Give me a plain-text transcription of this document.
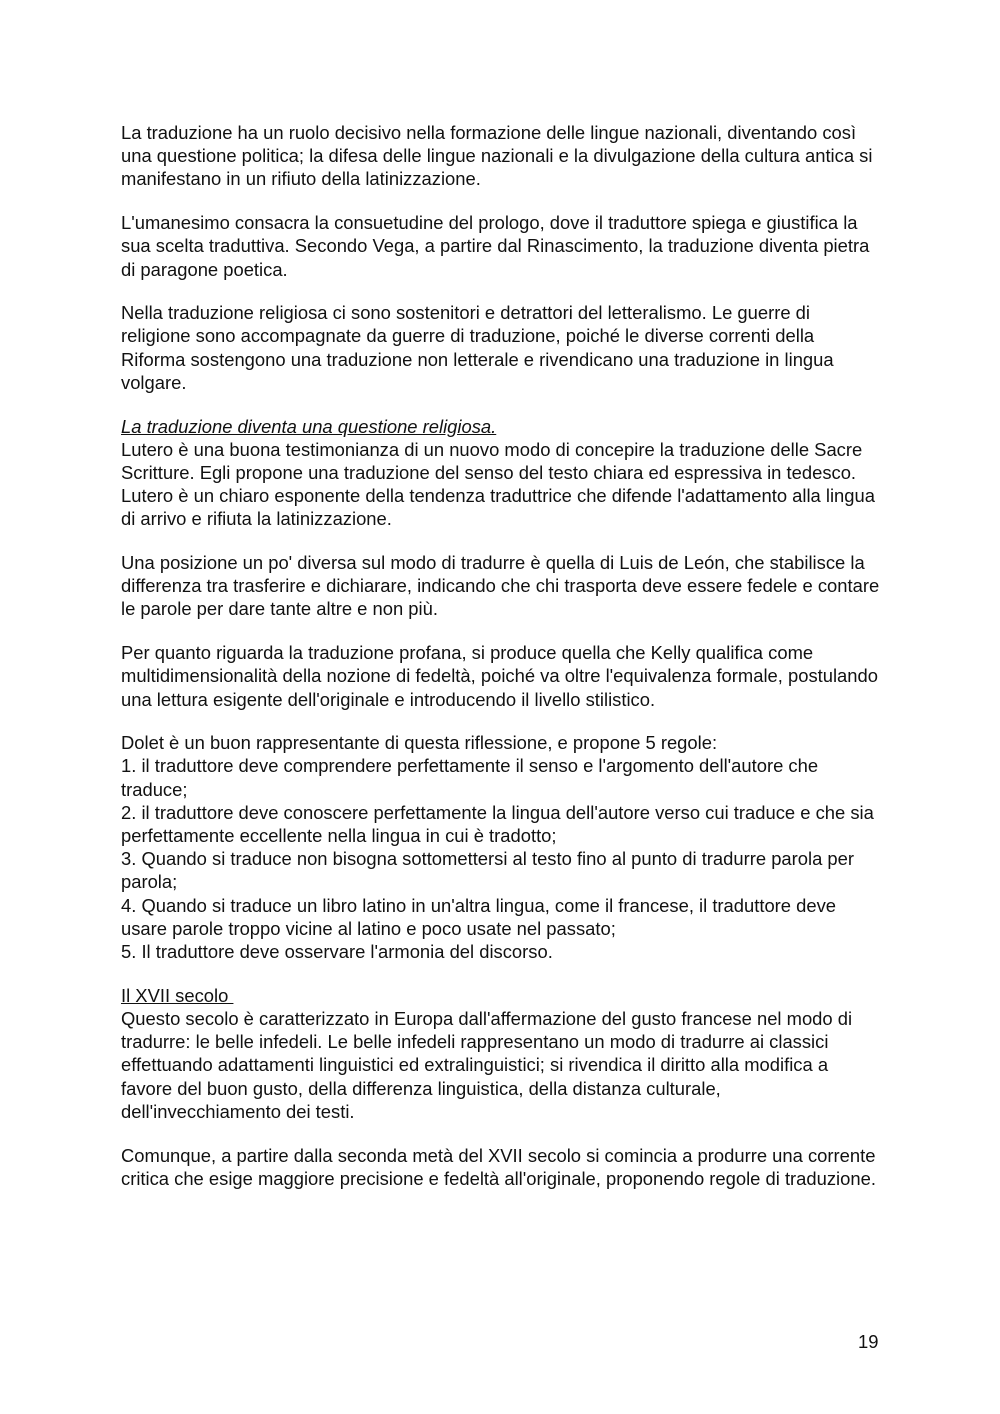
La traduzione ha un ruolo decisivo nella formazione delle lingue nazionali, diventando così una questione politica; la difesa delle lingue nazionali e la divulgazione della cultura antica si manifestano in un rifiuto della latinizzazione.

L'umanesimo consacra la consuetudine del prologo, dove il traduttore spiega e giustifica la sua scelta traduttiva. Secondo Vega, a partire dal Rinascimento, la traduzione diventa pietra di paragone poetica.

Nella traduzione religiosa ci sono sostenitori e detrattori del letteralismo. Le guerre di religione sono accompagnate da guerre di traduzione, poiché le diverse correnti della Riforma sostengono una traduzione non letterale e rivendicano una traduzione in lingua volgare.

La traduzione diventa una questione religiosa.
Lutero è una buona testimonianza di un nuovo modo di concepire la traduzione delle Sacre Scritture. Egli propone una traduzione del senso del testo chiara ed espressiva in tedesco. Lutero è un chiaro esponente della tendenza traduttrice che difende l'adattamento alla lingua di arrivo e rifiuta la latinizzazione.

Una posizione un po' diversa sul modo di tradurre è quella di Luis de León, che stabilisce la differenza tra trasferire e dichiarare, indicando che chi trasporta deve essere fedele e contare le parole per dare tante altre e non più.

Per quanto riguarda la traduzione profana, si produce quella che Kelly qualifica come multidimensionalità della nozione di fedeltà, poiché va oltre l'equivalenza formale, postulando una lettura esigente dell'originale e introducendo il livello stilistico.

Dolet è un buon rappresentante di questa riflessione, e propone 5 regole:
1. il traduttore deve comprendere perfettamente il senso e l'argomento dell'autore che traduce;
2. il traduttore deve conoscere perfettamente la lingua dell'autore verso cui traduce e che sia perfettamente eccellente nella lingua in cui è tradotto;
3. Quando si traduce non bisogna sottomettersi al testo fino al punto di tradurre parola per parola;
4. Quando si traduce un libro latino in un'altra lingua, come il francese, il traduttore deve usare parole troppo vicine al latino e poco usate nel passato;
5. Il traduttore deve osservare l'armonia del discorso.
Il XVII secolo
Questo secolo è caratterizzato in Europa dall'affermazione del gusto francese nel modo di tradurre: le belle infedeli. Le belle infedeli rappresentano un modo di tradurre ai classici effettuando adattamenti linguistici ed extralinguistici; si rivendica il diritto alla modifica a favore del buon gusto, della differenza linguistica, della distanza culturale, dell'invecchiamento dei testi.

Comunque, a partire dalla seconda metà del XVII secolo si comincia a produrre una corrente critica che esige maggiore precisione e fedeltà all'originale, proponendo regole di traduzione.

19
